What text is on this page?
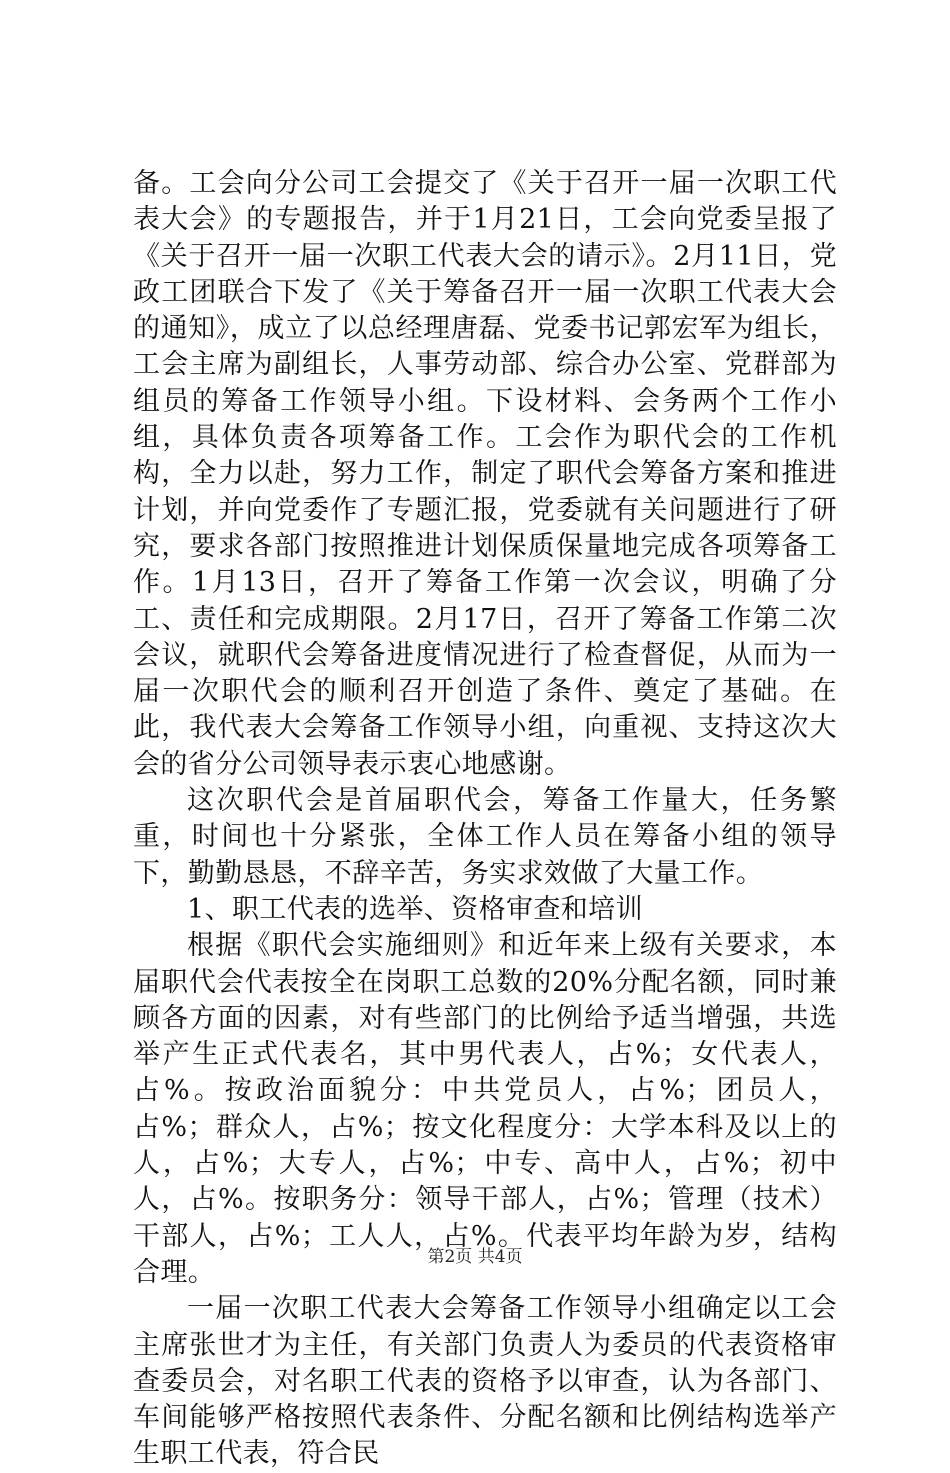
备。工会向分公司工会提交了《关于召开一届一次职工代表大会》的专题报告，并于1月21日，工会向党委呈报了《关于召开一届一次职工代表大会的请示》。2月11日，党政工团联合下发了《关于筹备召开一届一次职工代表大会的通知》，成立了以总经理唐磊、党委书记郭宏军为组长，工会主席为副组长，人事劳动部、综合办公室、党群部为组员的筹备工作领导小组。下设材料、会务两个工作小组，具体负责各项筹备工作。工会作为职代会的工作机构，全力以赴，努力工作，制定了职代会筹备方案和推进计划，并向党委作了专题汇报，党委就有关问题进行了研究，要求各部门按照推进计划保质保量地完成各项筹备工作。1月13日，召开了筹备工作第一次会议，明确了分工、责任和完成期限。2月17日，召开了筹备工作第二次会议，就职代会筹备进度情况进行了检查督促，从而为一届一次职代会的顺利召开创造了条件、奠定了基础。在此，我代表大会筹备工作领导小组，向重视、支持这次大会的省分公司领导表示衷心地感谢。

这次职代会是首届职代会，筹备工作量大，任务繁重，时间也十分紧张，全体工作人员在筹备小组的领导下，勤勤恳恳，不辞辛苦，务实求效做了大量工作。

1、职工代表的选举、资格审查和培训

根据《职代会实施细则》和近年来上级有关要求，本届职代会代表按全在岗职工总数的20%分配名额，同时兼顾各方面的因素，对有些部门的比例给予适当增强，共选举产生正式代表名，其中男代表人，占%；女代表人，占%。按政治面貌分：中共党员人，占%；团员人，占%；群众人，占%；按文化程度分：大学本科及以上的人，占%；大专人，占%；中专、高中人，占%；初中人，占%。按职务分：领导干部人，占%；管理（技术）干部人，占%；工人人，占%。代表平均年龄为岁，结构合理。

一届一次职工代表大会筹备工作领导小组确定以工会主席张世才为主任，有关部门负责人为委员的代表资格审查委员会，对名职工代表的资格予以审查，认为各部门、车间能够严格按照代表条件、分配名额和比例结构选举产生职工代表，符合民

第2页 共4页
